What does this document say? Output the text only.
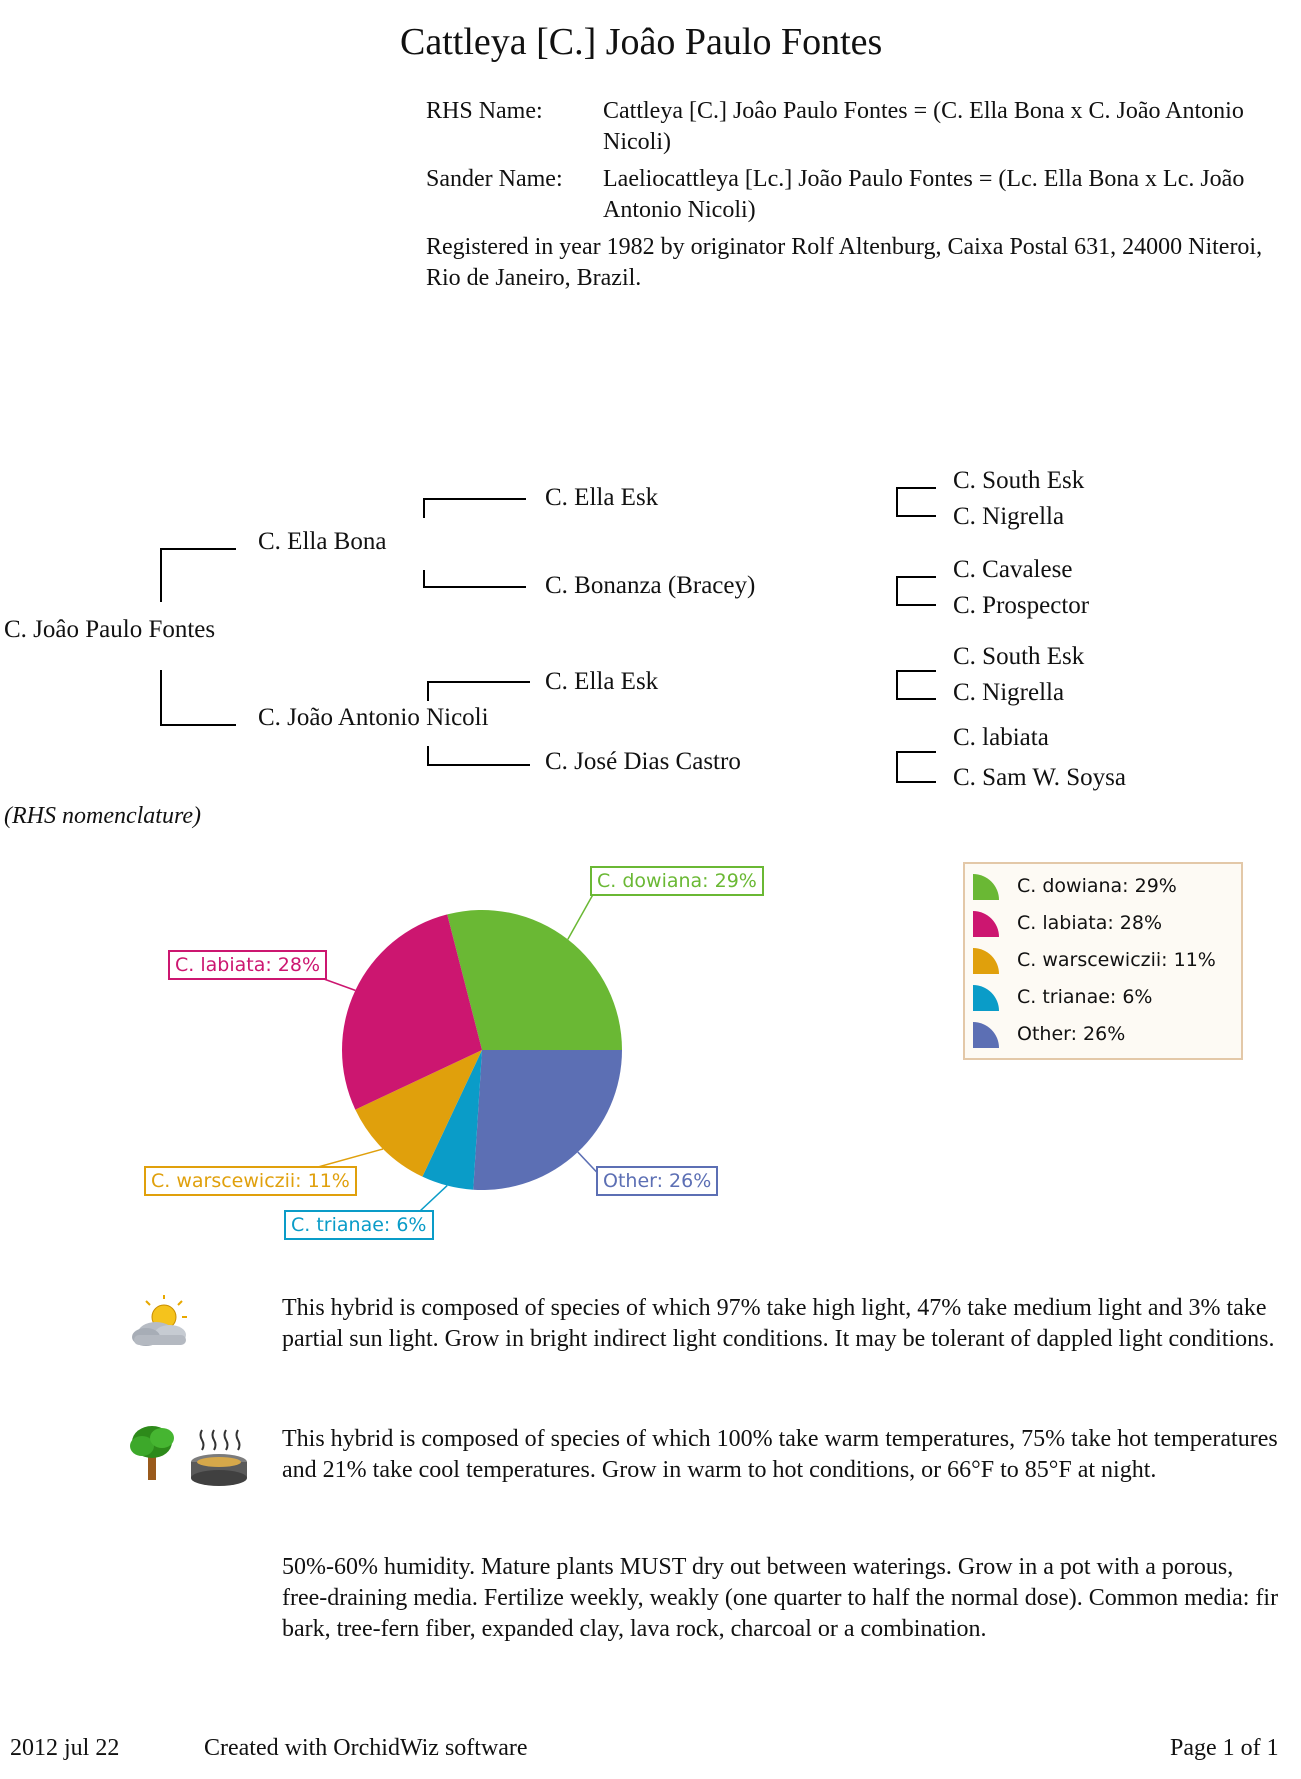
Cattleya [C.] Joâo Paulo Fontes
RHS Name:	Cattleya [C.] Joâo Paulo Fontes = (C. Ella Bona x C. João Antonio Nicoli)
Sander Name: Laeliocattleya [Lc.] João Paulo Fontes = (Lc. Ella Bona x Lc. João Antonio Nicoli)
Registered in year 1982 by originator Rolf Altenburg, Caixa Postal 631, 24000 Niteroi, Rio de Janeiro, Brazil.
C. Joâo Paulo Fontes
C. Ella Bona
C. João Antonio Nicoli
C. Ella Esk
C. Bonanza (Bracey)
C. Ella Esk
C. José Dias Castro
C. South Esk
C. Nigrella
C. Cavalese
C. Prospector
C. South Esk
C. Nigrella
C. labiata
C. Sam W. Soysa
(RHS nomenclature)
C. dowiana: 29%
Other: 26%
C. trianae: 6%
C. warscewiczii: 11%
C. labiata: 28%
C. dowiana: 29%
C. labiata: 28%
C. warscewiczii: 11%
C. trianae: 6%
Other: 26%
This hybrid is composed of species of which 97% take high light, 47% take medium light and 3% take partial sun light. Grow in bright indirect light conditions. It may be tolerant of dappled light conditions.
This hybrid is composed of species of which 100% take warm temperatures, 75% take hot temperatures and 21% take cool temperatures. Grow in warm to hot conditions, or 66°F to 85°F at night.
50%-60% humidity. Mature plants MUST dry out between waterings. Grow in a pot with a porous, free-draining media. Fertilize weekly, weakly (one quarter to half the normal dose). Common media: fir bark, tree-fern fiber, expanded clay, lava rock, charcoal or a combination.
2012 jul 22	Created with OrchidWiz software	Page 1 of 1
